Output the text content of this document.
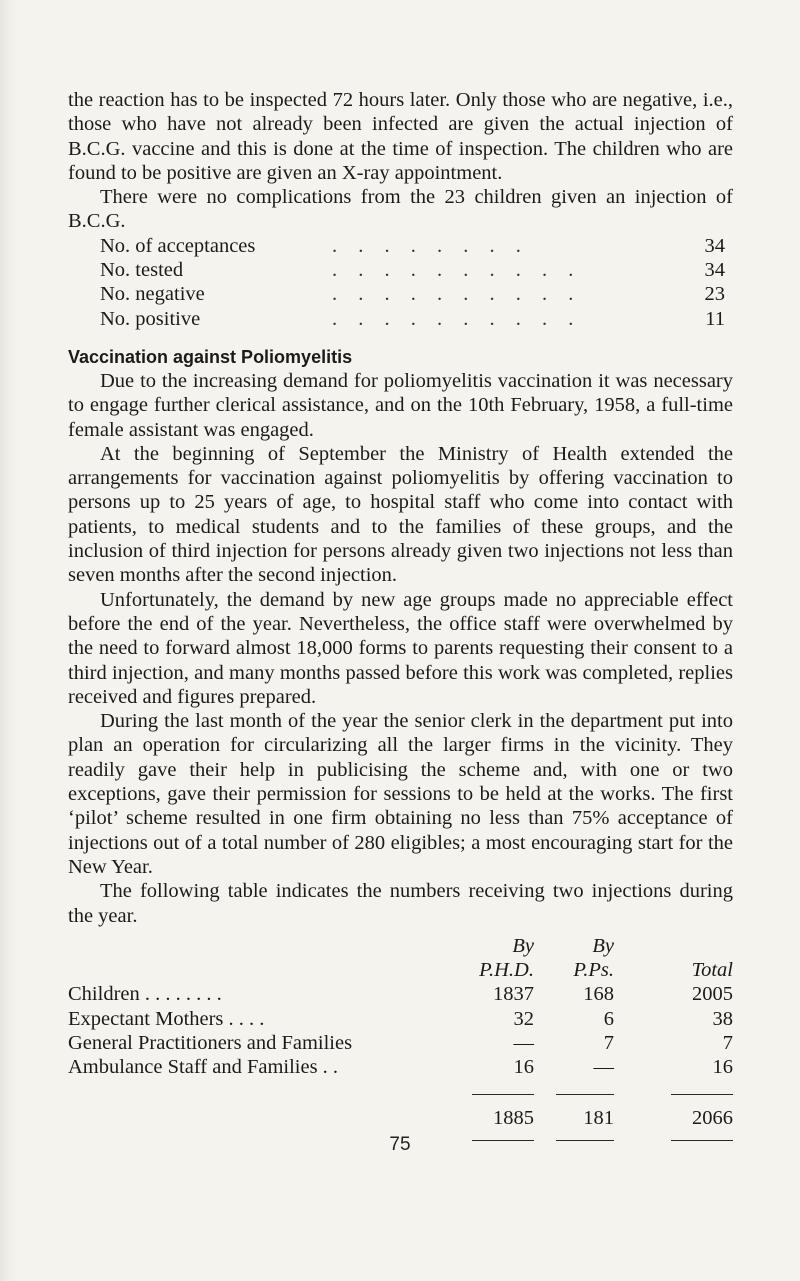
the reaction has to be inspected 72 hours later. Only those who are negative, i.e., those who have not already been infected are given the actual injection of B.C.G. vaccine and this is done at the time of inspection. The children who are found to be positive are given an X-ray appointment.

There were no complications from the 23 children given an injection of B.C.G.

No. of acceptances	. . . . . . . .	34
No. tested	. . . . . . . . . .	34
No. negative	. . . . . . . . . .	23
No. positive	. . . . . . . . . .	11

Vaccination against Poliomyelitis

Due to the increasing demand for poliomyelitis vaccination it was necessary to engage further clerical assistance, and on the 10th February, 1958, a full-time female assistant was engaged.

At the beginning of September the Ministry of Health extended the arrangements for vaccination against poliomyelitis by offering vaccination to persons up to 25 years of age, to hospital staff who come into contact with patients, to medical students and to the families of these groups, and the inclusion of third injection for persons already given two injections not less than seven months after the second injection.

Unfortunately, the demand by new age groups made no appreciable effect before the end of the year. Nevertheless, the office staff were overwhelmed by the need to forward almost 18,000 forms to parents requesting their consent to a third injection, and many months passed before this work was completed, replies received and figures prepared.

During the last month of the year the senior clerk in the department put into plan an operation for circularizing all the larger firms in the vicinity. They readily gave their help in publicising the scheme and, with one or two exceptions, gave their permission for sessions to be held at the works. The first ‘pilot’ scheme resulted in one firm obtaining no less than 75% acceptance of injections out of a total number of 280 eligibles; a most encouraging start for the New Year.

The following table indicates the numbers receiving two injections during the year.

By	By
P.H.D.	P.Ps.	Total
Children . . . . . . . .	1837	168	2005
Expectant Mothers . . . .	32	6	38
General Practitioners and Families	—	7	7
Ambulance Staff and Families . .	16	—	16
1885	181	2066
75
